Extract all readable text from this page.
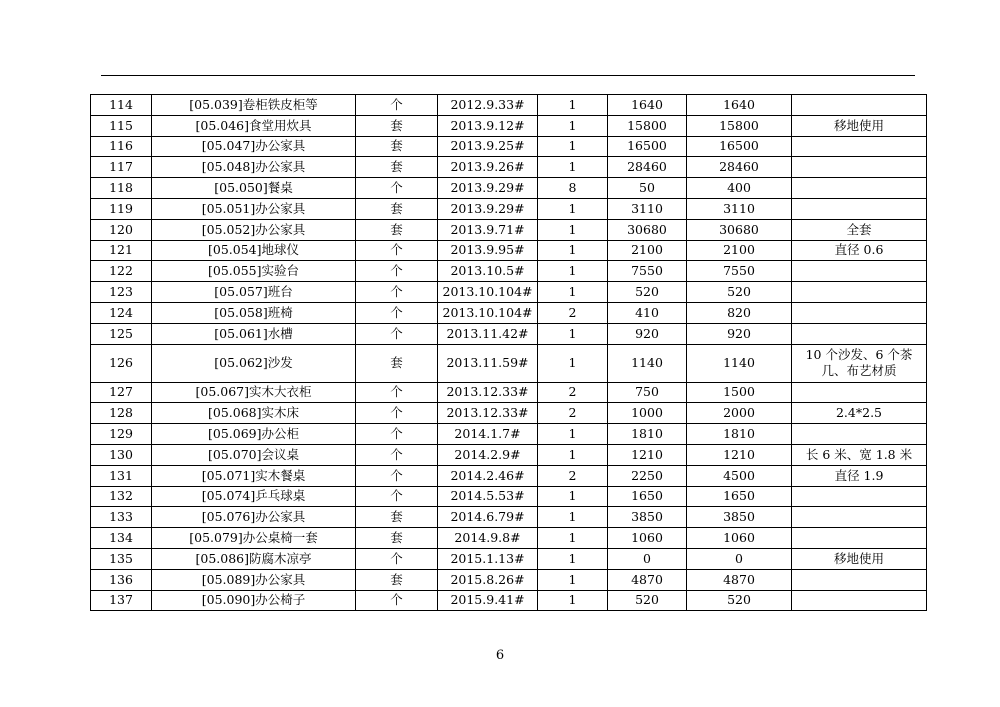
114	[05.039]卷柜铁皮柜等	个	2012.9.33#	1	1640	1640	
115	[05.046]食堂用炊具	套	2013.9.12#	1	15800	15800	移地使用
116	[05.047]办公家具	套	2013.9.25#	1	16500	16500	
117	[05.048]办公家具	套	2013.9.26#	1	28460	28460	
118	[05.050]餐桌	个	2013.9.29#	8	50	400	
119	[05.051]办公家具	套	2013.9.29#	1	3110	3110	
120	[05.052]办公家具	套	2013.9.71#	1	30680	30680	全套
121	[05.054]地球仪	个	2013.9.95#	1	2100	2100	直径 0.6
122	[05.055]实验台	个	2013.10.5#	1	7550	7550	
123	[05.057]班台	个	2013.10.104#	1	520	520	
124	[05.058]班椅	个	2013.10.104#	2	410	820	
125	[05.061]水槽	个	2013.11.42#	1	920	920	
126	[05.062]沙发	套	2013.11.59#	1	1140	1140	10 个沙发、6 个茶几、布艺材质
127	[05.067]实木大衣柜	个	2013.12.33#	2	750	1500	
128	[05.068]实木床	个	2013.12.33#	2	1000	2000	2.4*2.5
129	[05.069]办公柜	个	2014.1.7#	1	1810	1810	
130	[05.070]会议桌	个	2014.2.9#	1	1210	1210	长 6 米、宽 1.8 米
131	[05.071]实木餐桌	个	2014.2.46#	2	2250	4500	直径 1.9
132	[05.074]乒乓球桌	个	2014.5.53#	1	1650	1650	
133	[05.076]办公家具	套	2014.6.79#	1	3850	3850	
134	[05.079]办公桌椅一套	套	2014.9.8#	1	1060	1060	
135	[05.086]防腐木凉亭	个	2015.1.13#	1	0	0	移地使用
136	[05.089]办公家具	套	2015.8.26#	1	4870	4870	
137	[05.090]办公椅子	个	2015.9.41#	1	520	520	
6
